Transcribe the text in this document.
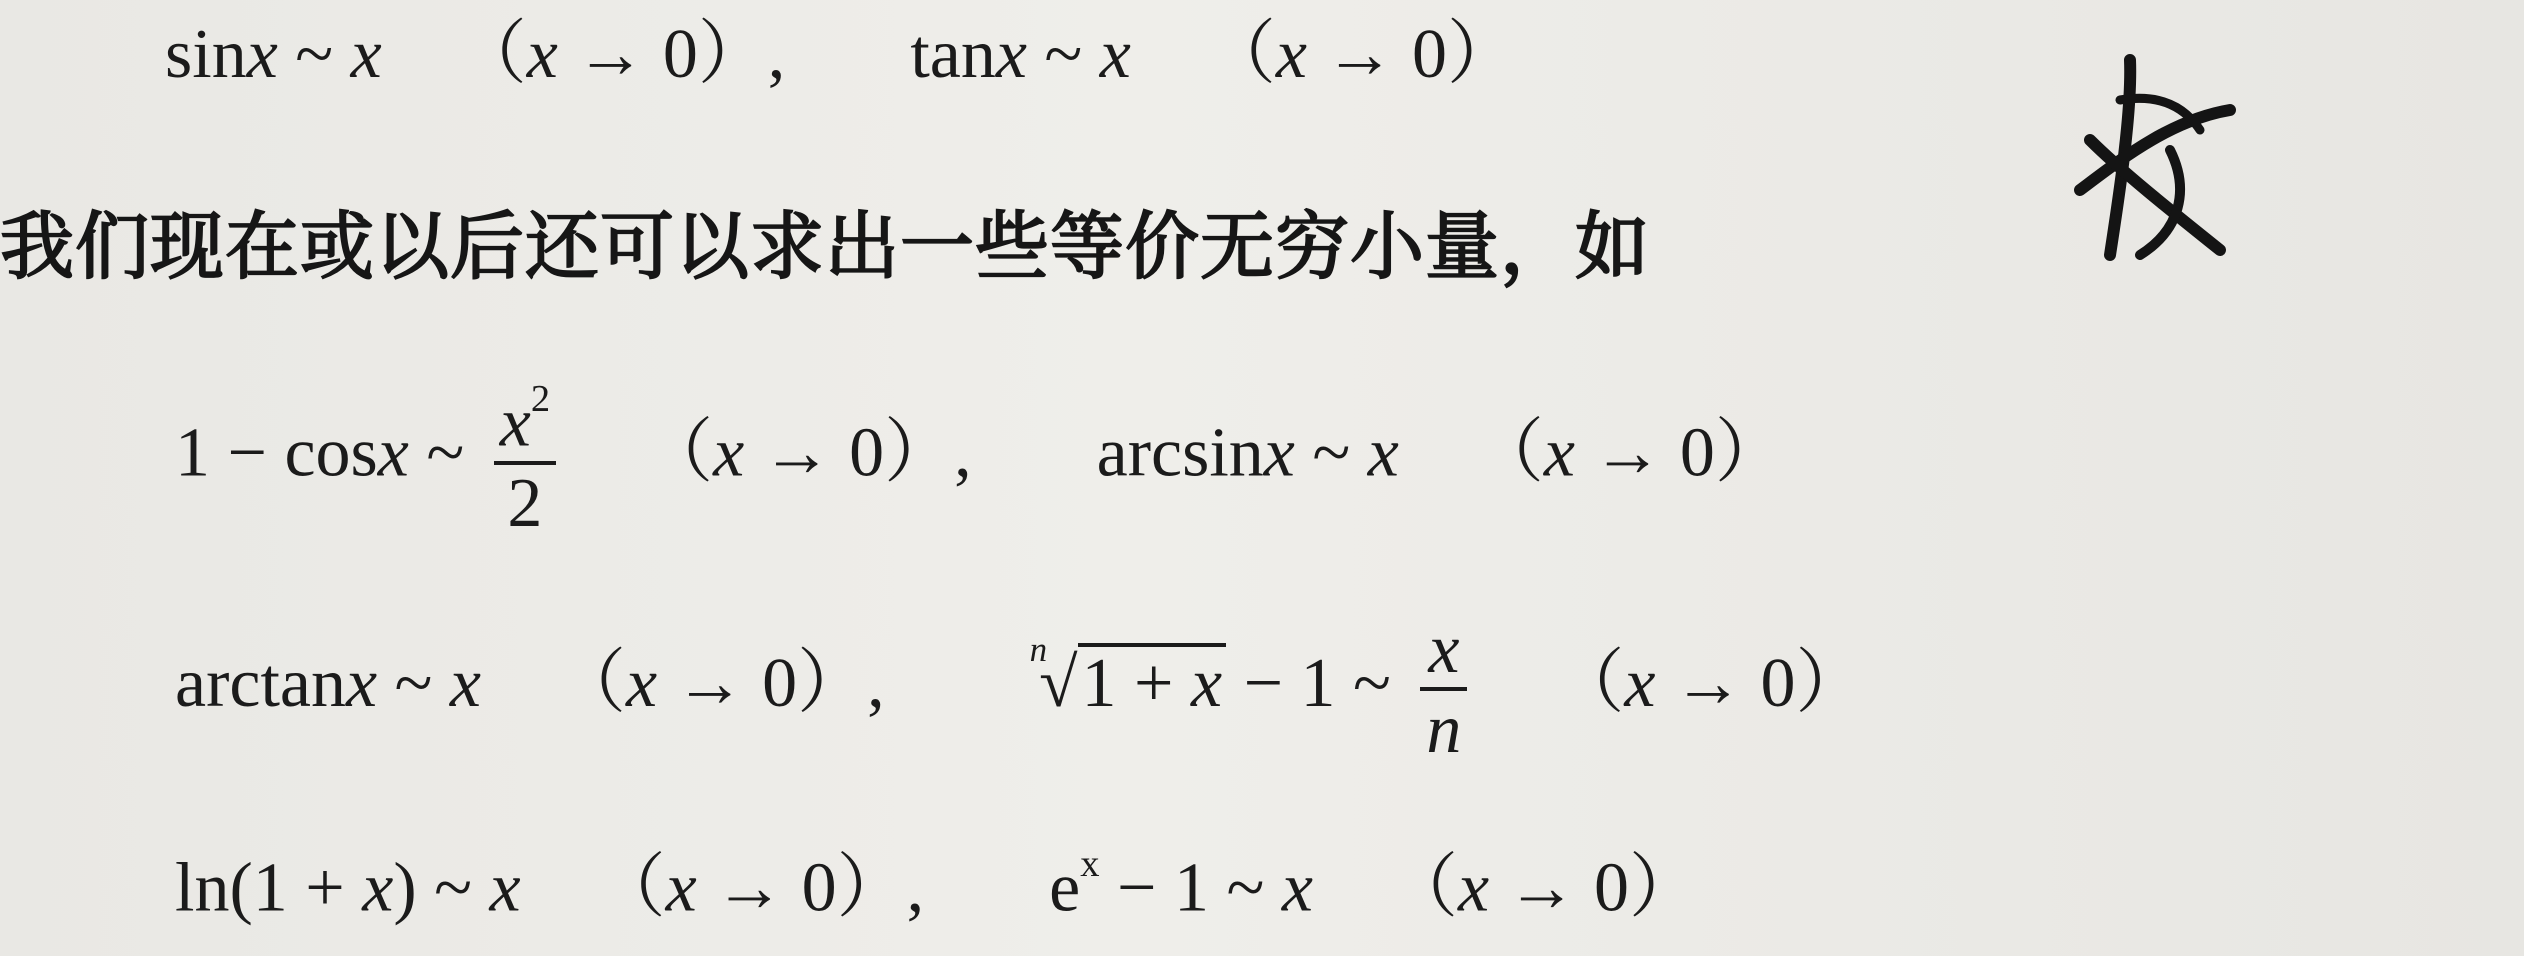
sinx ~ x （x → 0）, tanx ~ x （x → 0）
我们现在或以后还可以求出一些等价无穷小量，如
1 − cosx ~ $\frac{x^2}{2} (x \to 0)$, arcsinx ~ x （x → 0）
arctanx ~ x （x → 0）,	$^n$√1 + x − 1 ~ $\frac{x}{n} (x \to 0)$
ln(1 + x) ~ x （x → 0）, $e^x - 1$ ~ x （x → 0）
